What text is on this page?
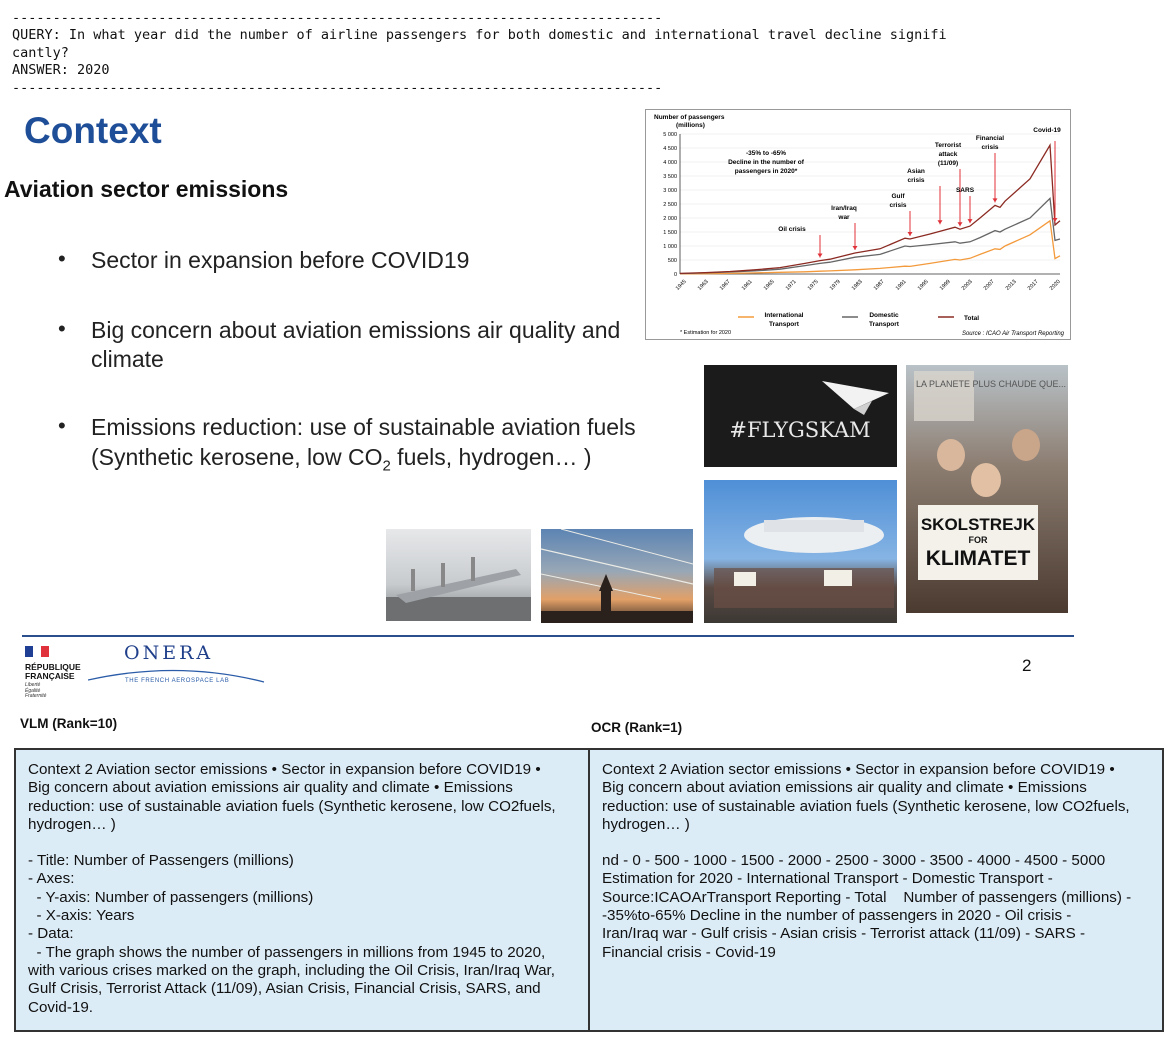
--------------------------------------------------------------------------------
QUERY: In what year did the number of airline passengers for both domestic and international travel decline signifi
cantly?
ANSWER: 2020
--------------------------------------------------------------------------------
Context
Aviation sector emissions
• Sector in expansion before COVID19
• Big concern about aviation emissions air quality and
climate
• Emissions reduction: use of sustainable aviation fuels
(Synthetic kerosene, low $CO_2$ fuels, hydrogen… )
Number of passengers
(millions)
0
500
1 000
1 500
2 000
2 500
3 000
3 500
4 000
4 500
5 000
1945 1963 1967 1961 1965 1971 1975 1979 1983 1987 1991 1995 1999 2003 2007 2013 2017 2020
-35% to -65%
Decline in the number of
passengers in 2020*
Oil crisis
Iran/Iraq
war
Gulf
crisis
Asian
crisis
Terrorist
attack
(11/09)
SARS
Financial
crisis
Covid-19
International
Transport
Domestic
Transport
Total
* Estimation for 2020	Source : ICAO Air Transport Reporting
#FLYGSKAM
LA PLANETE PLUS CHAUDE QUE...
SKOLSTREJK
FOR
KLIMATET
RÉPUBLIQUE
FRANÇAISE
Liberté
Égalité
Fraternité
ONERA
THE FRENCH AEROSPACE LAB
2
VLM (Rank=10)	OCR (Rank=1)

Context 2 Aviation sector emissions • Sector in expansion before COVID19 •
Big concern about aviation emissions air quality and climate • Emissions
reduction: use of sustainable aviation fuels (Synthetic kerosene, low CO2fuels,
hydrogen… )

- Title: Number of Passengers (millions)
- Axes:
- Y-axis: Number of passengers (millions)
- X-axis: Years
- Data:
- The graph shows the number of passengers in millions from 1945 to 2020,
with various crises marked on the graph, including the Oil Crisis, Iran/Iraq War,
Gulf Crisis, Terrorist Attack (11/09), Asian Crisis, Financial Crisis, SARS, and
Covid-19.

Context 2 Aviation sector emissions • Sector in expansion before COVID19 •
Big concern about aviation emissions air quality and climate • Emissions
reduction: use of sustainable aviation fuels (Synthetic kerosene, low CO2fuels,
hydrogen… )

nd - 0 - 500 - 1000 - 1500 - 2000 - 2500 - 3000 - 3500 - 4000 - 4500 - 5000
Estimation for 2020 - International Transport - Domestic Transport -
Source:ICAOArTransport Reporting - Total    Number of passengers (millions) -
-35%to-65% Decline in the number of passengers in 2020 - Oil crisis -
Iran/Iraq war - Gulf crisis - Asian crisis - Terrorist attack (11/09) - SARS -
Financial crisis - Covid-19
